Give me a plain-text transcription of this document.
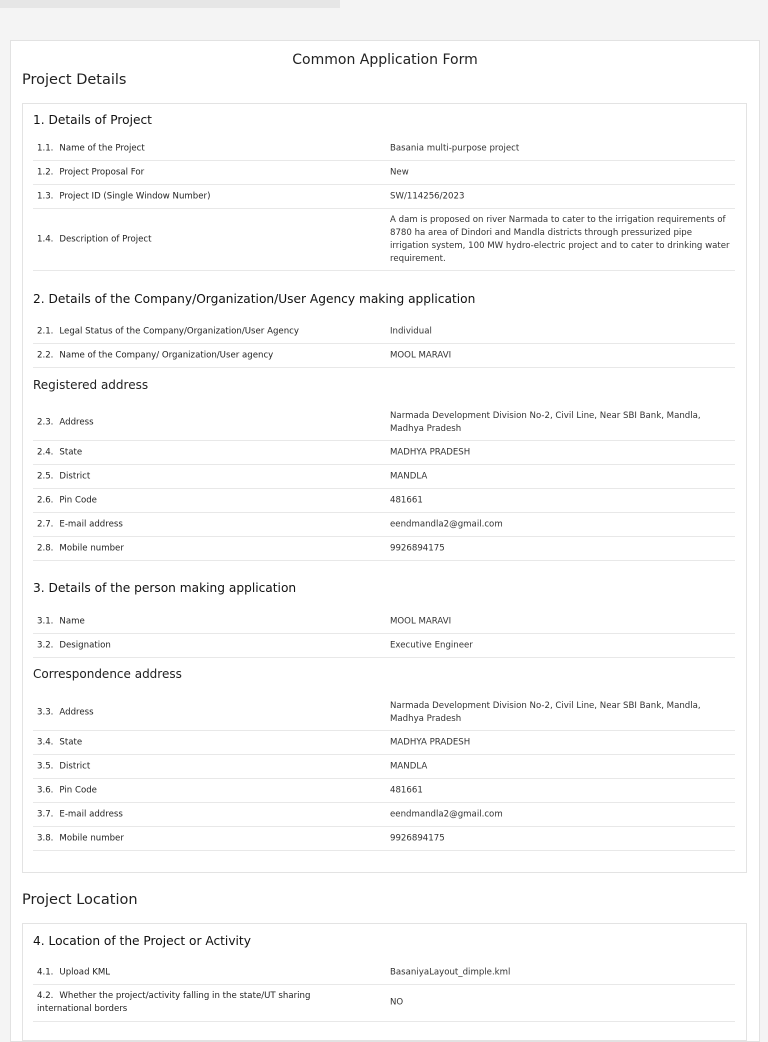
Common Application Form
Project Details
1. Details of Project
1.1. Name of the Project	Basania multi-purpose project
1.2. Project Proposal For	New
1.3. Project ID (Single Window Number)	SW/114256/2023
1.4. Description of Project
A dam is proposed on river Narmada to cater to the irrigation requirements of 8780 ha area of Dindori and Mandla districts through pressurized pipe irrigation system, 100 MW hydro-electric project and to cater to drinking water requirement.
2. Details of the Company/Organization/User Agency making application
2.1. Legal Status of the Company/Organization/User Agency	Individual
2.2. Name of the Company/ Organization/User agency	MOOL MARAVI
Registered address
2.3. Address
Narmada Development Division No-2, Civil Line, Near SBI Bank, Mandla, Madhya Pradesh
2.4. State	MADHYA PRADESH
2.5. District	MANDLA
2.6. Pin Code	481661
2.7. E-mail address	eendmandla2@gmail.com
2.8. Mobile number	9926894175
3. Details of the person making application
3.1. Name	MOOL MARAVI
3.2. Designation	Executive Engineer
Correspondence address
3.3. Address
Narmada Development Division No-2, Civil Line, Near SBI Bank, Mandla, Madhya Pradesh
3.4. State	MADHYA PRADESH
3.5. District	MANDLA
3.6. Pin Code	481661
3.7. E-mail address	eendmandla2@gmail.com
3.8. Mobile number	9926894175
Project Location
4. Location of the Project or Activity
4.1. Upload KML	BasaniyaLayout_dimple.kml
4.2. Whether the project/activity falling in the state/UT sharing international borders
NO
